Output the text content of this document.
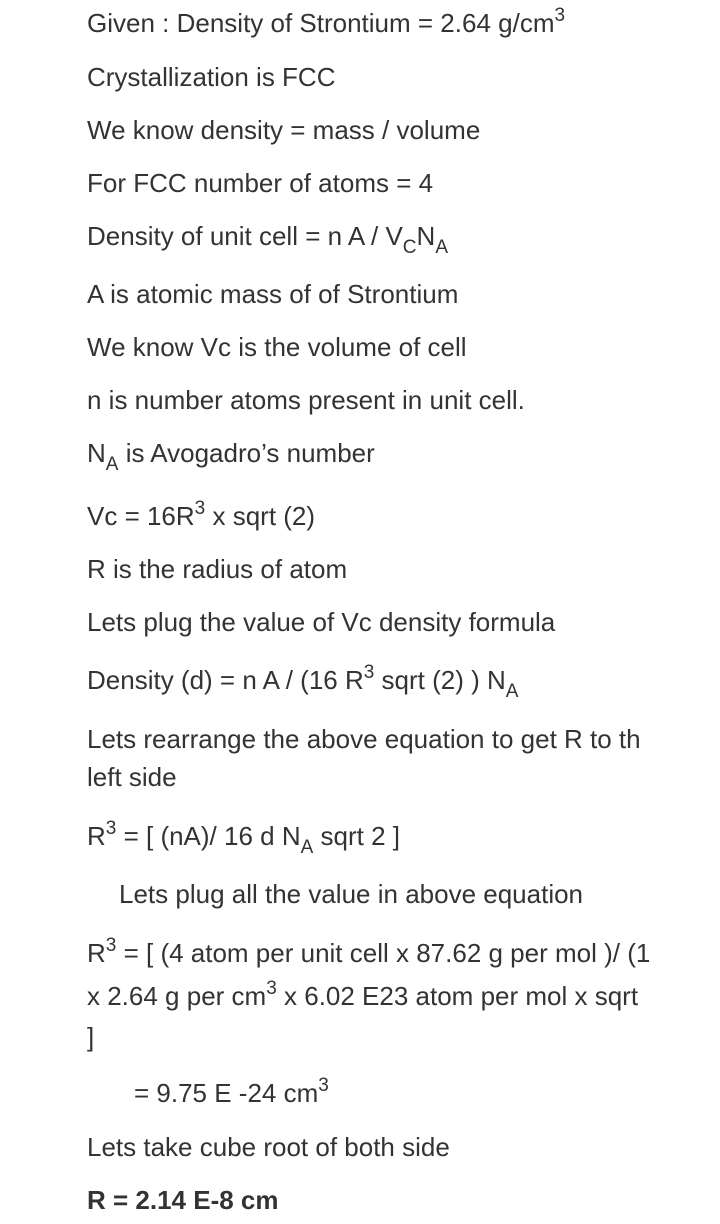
Given : Density of Strontium = 2.64 $g/cm^3$

Crystallization is FCC

We know density = mass / volume

For FCC number of atoms = 4

Density of unit cell = n A / $V_CN_A$

A is atomic mass of of Strontium

We know Vc is the volume of cell

n is number atoms present in unit cell.

$N_A$ is Avogadro’s number

$Vc = 16R^3$ x sqrt (2)

R is the radius of atom

Lets plug the value of Vc density formula

Density (d) = n A / (16 $R^3$ sqrt (2) ) $N_A$

Lets rearrange the above equation to get R to th

left side

$R^3$ = [ (nA)/ 16 d $N_A$ sqrt 2 ]

Lets plug all the value in above equation

$R^3$ = [ (4 atom per unit cell x 87.62 g per mol )/ (1

x 2.64 g per $cm^3$ x 6.02 E23 atom per mol x sqrt

]

= 9.75 E -24 $cm^3$

Lets take cube root of both side

R = 2.14 E-8 cm
